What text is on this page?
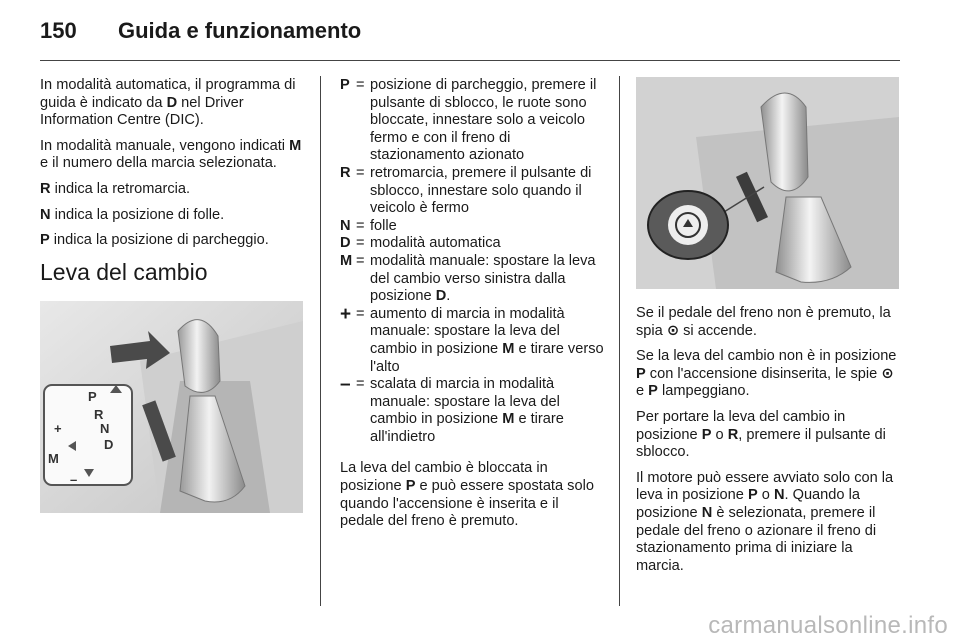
150	Guida e funzionamento

In modalità automatica, il programma di guida è indicato da D nel Driver Information Centre (DIC).

In modalità manuale, vengono indicati M e il numero della marcia selezionata.

R indica la retromarcia.

N indica la posizione di folle.

P indica la posizione di parcheggio.

Leva del cambio
P
R
N
D
M
+
–
P = posizione di parcheggio, premere il pulsante di sblocco, le ruote sono bloccate, innestare solo a veicolo fermo e con il freno di stazionamento azionato
R = retromarcia, premere il pulsante di sblocco, innestare solo quando il veicolo è fermo
N = folle
D = modalità automatica
M = modalità manuale: spostare la leva del cambio verso sinistra dalla posizione D.
+ = aumento di marcia in modalità manuale: spostare la leva del cambio in posizione M e tirare verso l'alto
– = scalata di marcia in modalità manuale: spostare la leva del cambio in posizione M e tirare all'indietro

La leva del cambio è bloccata in posizione P e può essere spostata solo quando l'accensione è inserita e il pedale del freno è premuto.

Se il pedale del freno non è premuto, la spia ⊙ si accende.

Se la leva del cambio non è in posizione P con l'accensione disinserita, le spie ⊙ e P lampeggiano.

Per portare la leva del cambio in posizione P o R, premere il pulsante di sblocco.

Il motore può essere avviato solo con la leva in posizione P o N. Quando la posizione N è selezionata, premere il pedale del freno o azionare il freno di stazionamento prima di iniziare la marcia.

carmanualsonline.info
